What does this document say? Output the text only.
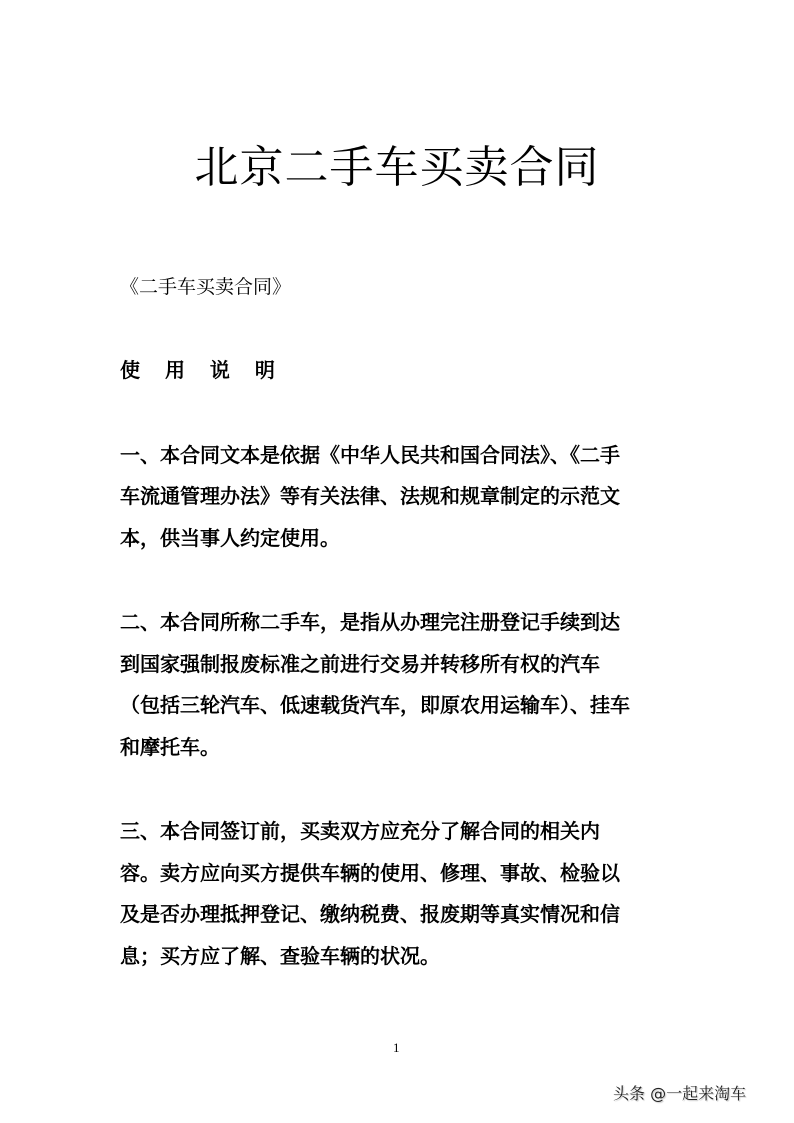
北京二手车买卖合同
《二手车买卖合同》
使 用 说 明
一、本合同文本是依据《中华人民共和国合同法》、《二手
车流通管理办法》等有关法律、法规和规章制定的示范文
本，供当事人约定使用。
二、本合同所称二手车，是指从办理完注册登记手续到达
到国家强制报废标准之前进行交易并转移所有权的汽车
（包括三轮汽车、低速载货汽车，即原农用运输车）、挂车
和摩托车。
三、本合同签订前，买卖双方应充分了解合同的相关内
容。卖方应向买方提供车辆的使用、修理、事故、检验以
及是否办理抵押登记、缴纳税费、报废期等真实情况和信
息；买方应了解、查验车辆的状况。
1
头条 @一起来淘车
